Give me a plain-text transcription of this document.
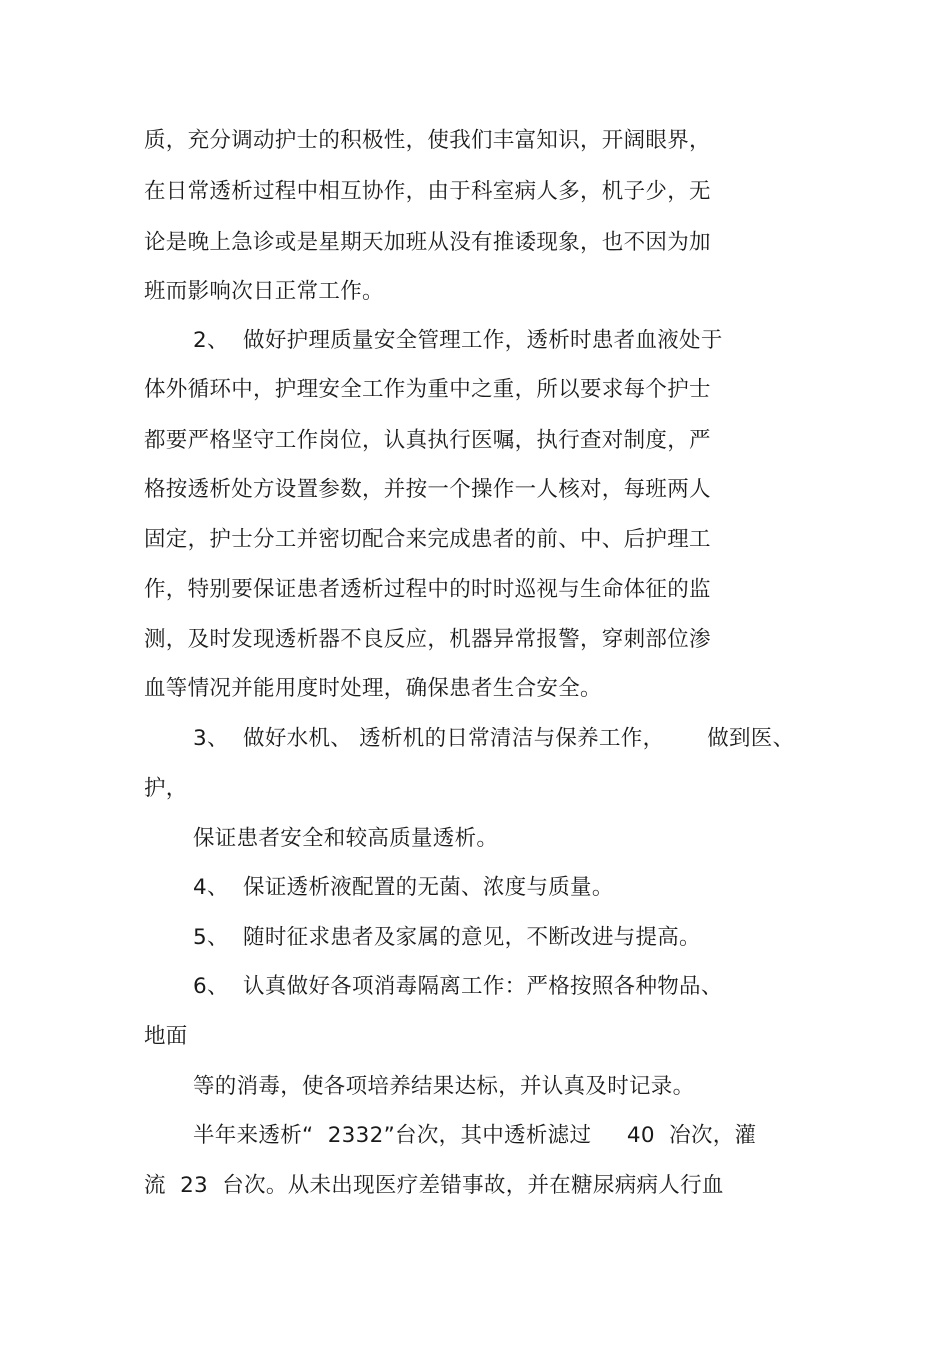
质，充分调动护士的积极性，使我们丰富知识，开阔眼界，
在日常透析过程中相互协作，由于科室病人多，机子少，无
论是晚上急诊或是星期天加班从没有推诿现象，也不因为加
班而影响次日正常工作。
2、  做好护理质量安全管理工作，透析时患者血液处于
体外循环中，护理安全工作为重中之重，所以要求每个护士
都要严格坚守工作岗位，认真执行医嘱，执行查对制度，严
格按透析处方设置参数，并按一个操作一人核对，每班两人
固定，护士分工并密切配合来完成患者的前、中、后护理工
作，特别要保证患者透析过程中的时时巡视与生命体征的监
测，及时发现透析器不良反应，机器异常报警，穿刺部位渗
血等情况并能用度时处理，确保患者生合安全。
3、  做好水机、 透析机的日常清洁与保养工作，      做到医、
护，
保证患者安全和较高质量透析。
4、  保证透析液配置的无菌、浓度与质量。
5、  随时征求患者及家属的意见，不断改进与提高。
6、  认真做好各项消毒隔离工作：严格按照各种物品、
地面
等的消毒，使各项培养结果达标，并认真及时记录。
半年来透析“  2332”台次，其中透析滤过     40  冶次，灌
流  23  台次。从未出现医疗差错事故，并在糖尿病病人行血
